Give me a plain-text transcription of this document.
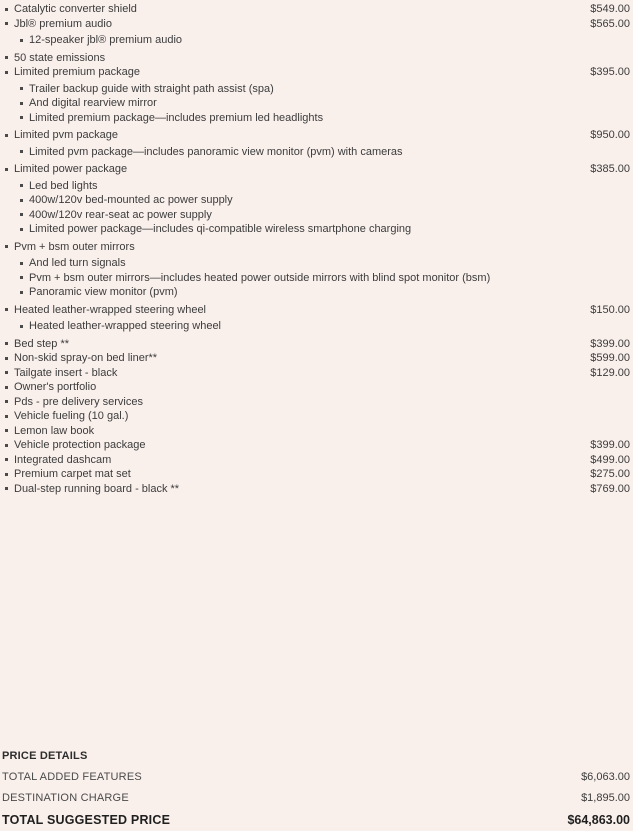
Catalytic converter shield	$549.00
Jbl® premium audio	$565.00
12-speaker jbl® premium audio
50 state emissions
Limited premium package	$395.00
Trailer backup guide with straight path assist (spa)
And digital rearview mirror
Limited premium package—includes premium led headlights
Limited pvm package	$950.00
Limited pvm package—includes panoramic view monitor (pvm) with cameras
Limited power package	$385.00
Led bed lights
400w/120v bed-mounted ac power supply
400w/120v rear-seat ac power supply
Limited power package—includes qi-compatible wireless smartphone charging
Pvm + bsm outer mirrors
And led turn signals
Pvm + bsm outer mirrors—includes heated power outside mirrors with blind spot monitor (bsm)
Panoramic view monitor (pvm)
Heated leather-wrapped steering wheel	$150.00
Heated leather-wrapped steering wheel
Bed step **	$399.00
Non-skid spray-on bed liner**	$599.00
Tailgate insert - black	$129.00
Owner's portfolio
Pds - pre delivery services
Vehicle fueling (10 gal.)
Lemon law book
Vehicle protection package	$399.00
Integrated dashcam	$499.00
Premium carpet mat set	$275.00
Dual-step running board - black **	$769.00
PRICE DETAILS
TOTAL ADDED FEATURES	$6,063.00
DESTINATION CHARGE	$1,895.00
TOTAL SUGGESTED PRICE	$64,863.00
